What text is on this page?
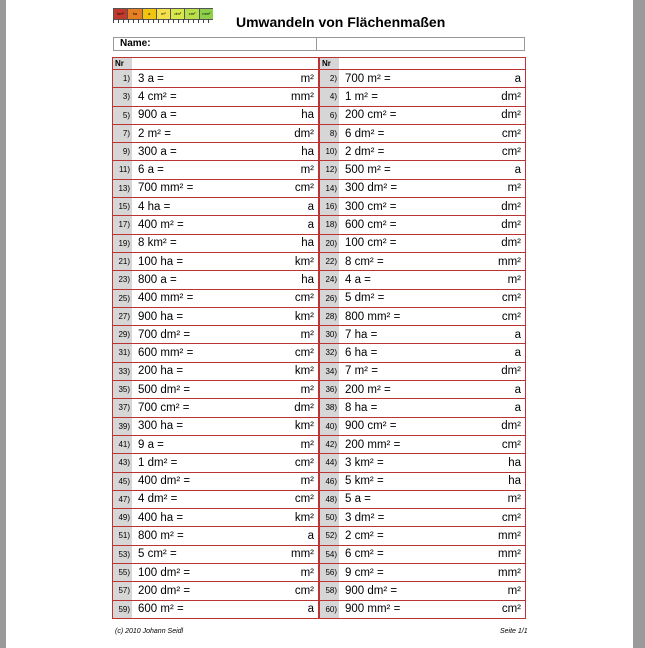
km²	ha	a	m²	dm²	cm²	mm²
Umwandeln von Flächenmaßen
Name:
Nr
1) 3 a =	m²
3) 4 cm² =	mm²
5) 900 a =	ha
7) 2 m² =	dm²
9) 300 a =	ha
11) 6 a =	m²
13) 700 mm² =	cm²
15) 4 ha =	a
17) 400 m² =	a
19) 8 km² =	ha
21) 100 ha =	km²
23) 800 a =	ha
25) 400 mm² =	cm²
27) 900 ha =	km²
29) 700 dm² =	m²
31) 600 mm² =	cm²
33) 200 ha =	km²
35) 500 dm² =	m²
37) 700 cm² =	dm²
39) 300 ha =	km²
41) 9 a =	m²
43) 1 dm² =	cm²
45) 400 dm² =	m²
47) 4 dm² =	cm²
49) 400 ha =	km²
51) 800 m² =	a
53) 5 cm² =	mm²
55) 100 dm² =	m²
57) 200 dm² =	cm²
59) 600 m² =	a
Nr
2) 700 m² =	a
4) 1 m² =	dm²
6) 200 cm² =	dm²
8) 6 dm² =	cm²
10) 2 dm² =	cm²
12) 500 m² =	a
14) 300 dm² =	m²
16) 300 cm² =	dm²
18) 600 cm² =	dm²
20) 100 cm² =	dm²
22) 8 cm² =	mm²
24) 4 a =	m²
26) 5 dm² =	cm²
28) 800 mm² =	cm²
30) 7 ha =	a
32) 6 ha =	a
34) 7 m² =	dm²
36) 200 m² =	a
38) 8 ha =	a
40) 900 cm² =	dm²
42) 200 mm² =	cm²
44) 3 km² =	ha
46) 5 km² =	ha
48) 5 a =	m²
50) 3 dm² =	cm²
52) 2 cm² =	mm²
54) 6 cm² =	mm²
56) 9 cm² =	mm²
58) 900 dm² =	m²
60) 900 mm² =	cm²
(c) 2010 Johann Seidl	Seite 1/1
